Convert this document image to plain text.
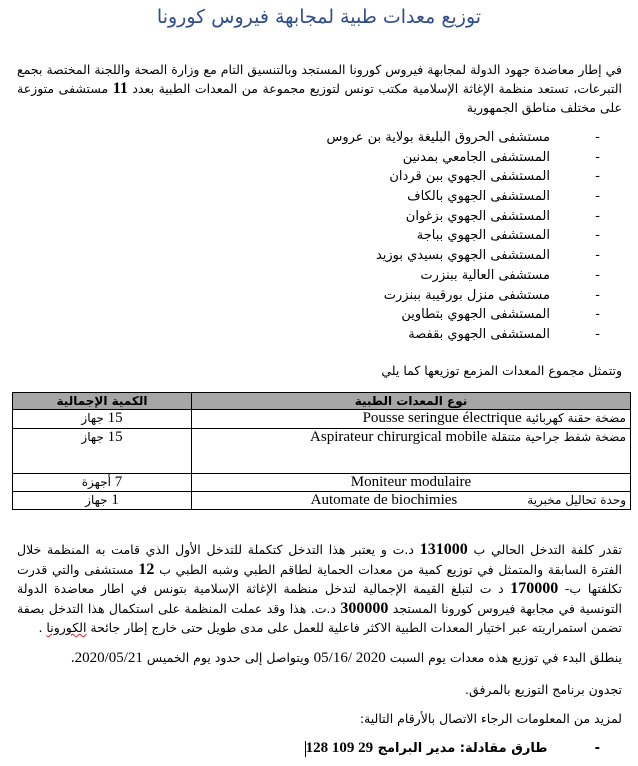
توزيع معدات طبية لمجابهة فيروس كورونا
في إطار معاضدة جهود الدولة لمجابهة فيروس كورونا المستجد وبالتنسيق التام مع وزارة الصحة واللجنة المختصة بجمع التبرعات، تستعد منظمة الإغاثة الإسلامية مكتب تونس لتوزيع مجموعة من المعدات الطبية بعدد 11 مستشفى متوزعة على مختلف مناطق الجمهورية
-مستشفى الحروق البليغة بولاية بن عروس
-المستشفى الجامعي بمدنين
-المستشفى الجهوي ببن قردان
-المستشفى الجهوي بالكاف
-المستشفى الجهوي بزغوان
-المستشفى الجهوي بباجة
-المستشفى الجهوي بسيدي بوزيد
-مستشفى العالية ببنزرت
-مستشفى منزل بورقيبة ببنزرت
-المستشفى الجهوي بتطاوين
-المستشفى الجهوي بقفصة
وتتمثل مجموع المعدات المزمع توزيعها كما يلي
نوع المعدات الطبية	الكمية الإجمالية
مضخة حقنة كهربائية Pousse seringue électrique	15 جهاز
مضخة شفط جراحية متنقلة Aspirateur chirurgical mobile	15 جهاز
Moniteur modulaire	7 أجهزة
وحدة تحاليل مخبريةAutomate de biochimies	1 جهاز
تقدر كلفة التدخل الحالي ب 131000 د.ت و يعتبر هذا التدخل كتكملة للتدخل الأول الذي قامت به المنظمة خلال الفترة السابقة والمتمثل في توزيع كمية من معدات الحماية لطاقم الطبي وشبه الطبي ب 12 مستشفى والتي قدرت تكلفتها ب- 170000 د ت لتبلغ القيمة الإجمالية لتدخل منظمة الإغاثة الإسلامية بتونس في اطار معاضدة الدولة التونسية في مجابهة فيروس كورونا المستجد 300000 د.ت. هذا وقد عملت المنظمة على استكمال هذا التدخل بصفة تضمن استمراريته عبر اختيار المعدات الطبية الاكثر فاعلية للعمل على مدى طويل حتى خارج إطار جائحة الكورونا .
ينطلق البدء في توزيع هذه معدات يوم السبت 2020 /05/16 ويتواصل إلى حدود يوم الخميس 2020/05/21.
تجدون برنامج التوزيع بالمرفق.
لمزيد من المعلومات الرجاء الاتصال بالأرقام التالية:
- طارق مقادلة: مدير البرامج 29 109 128
